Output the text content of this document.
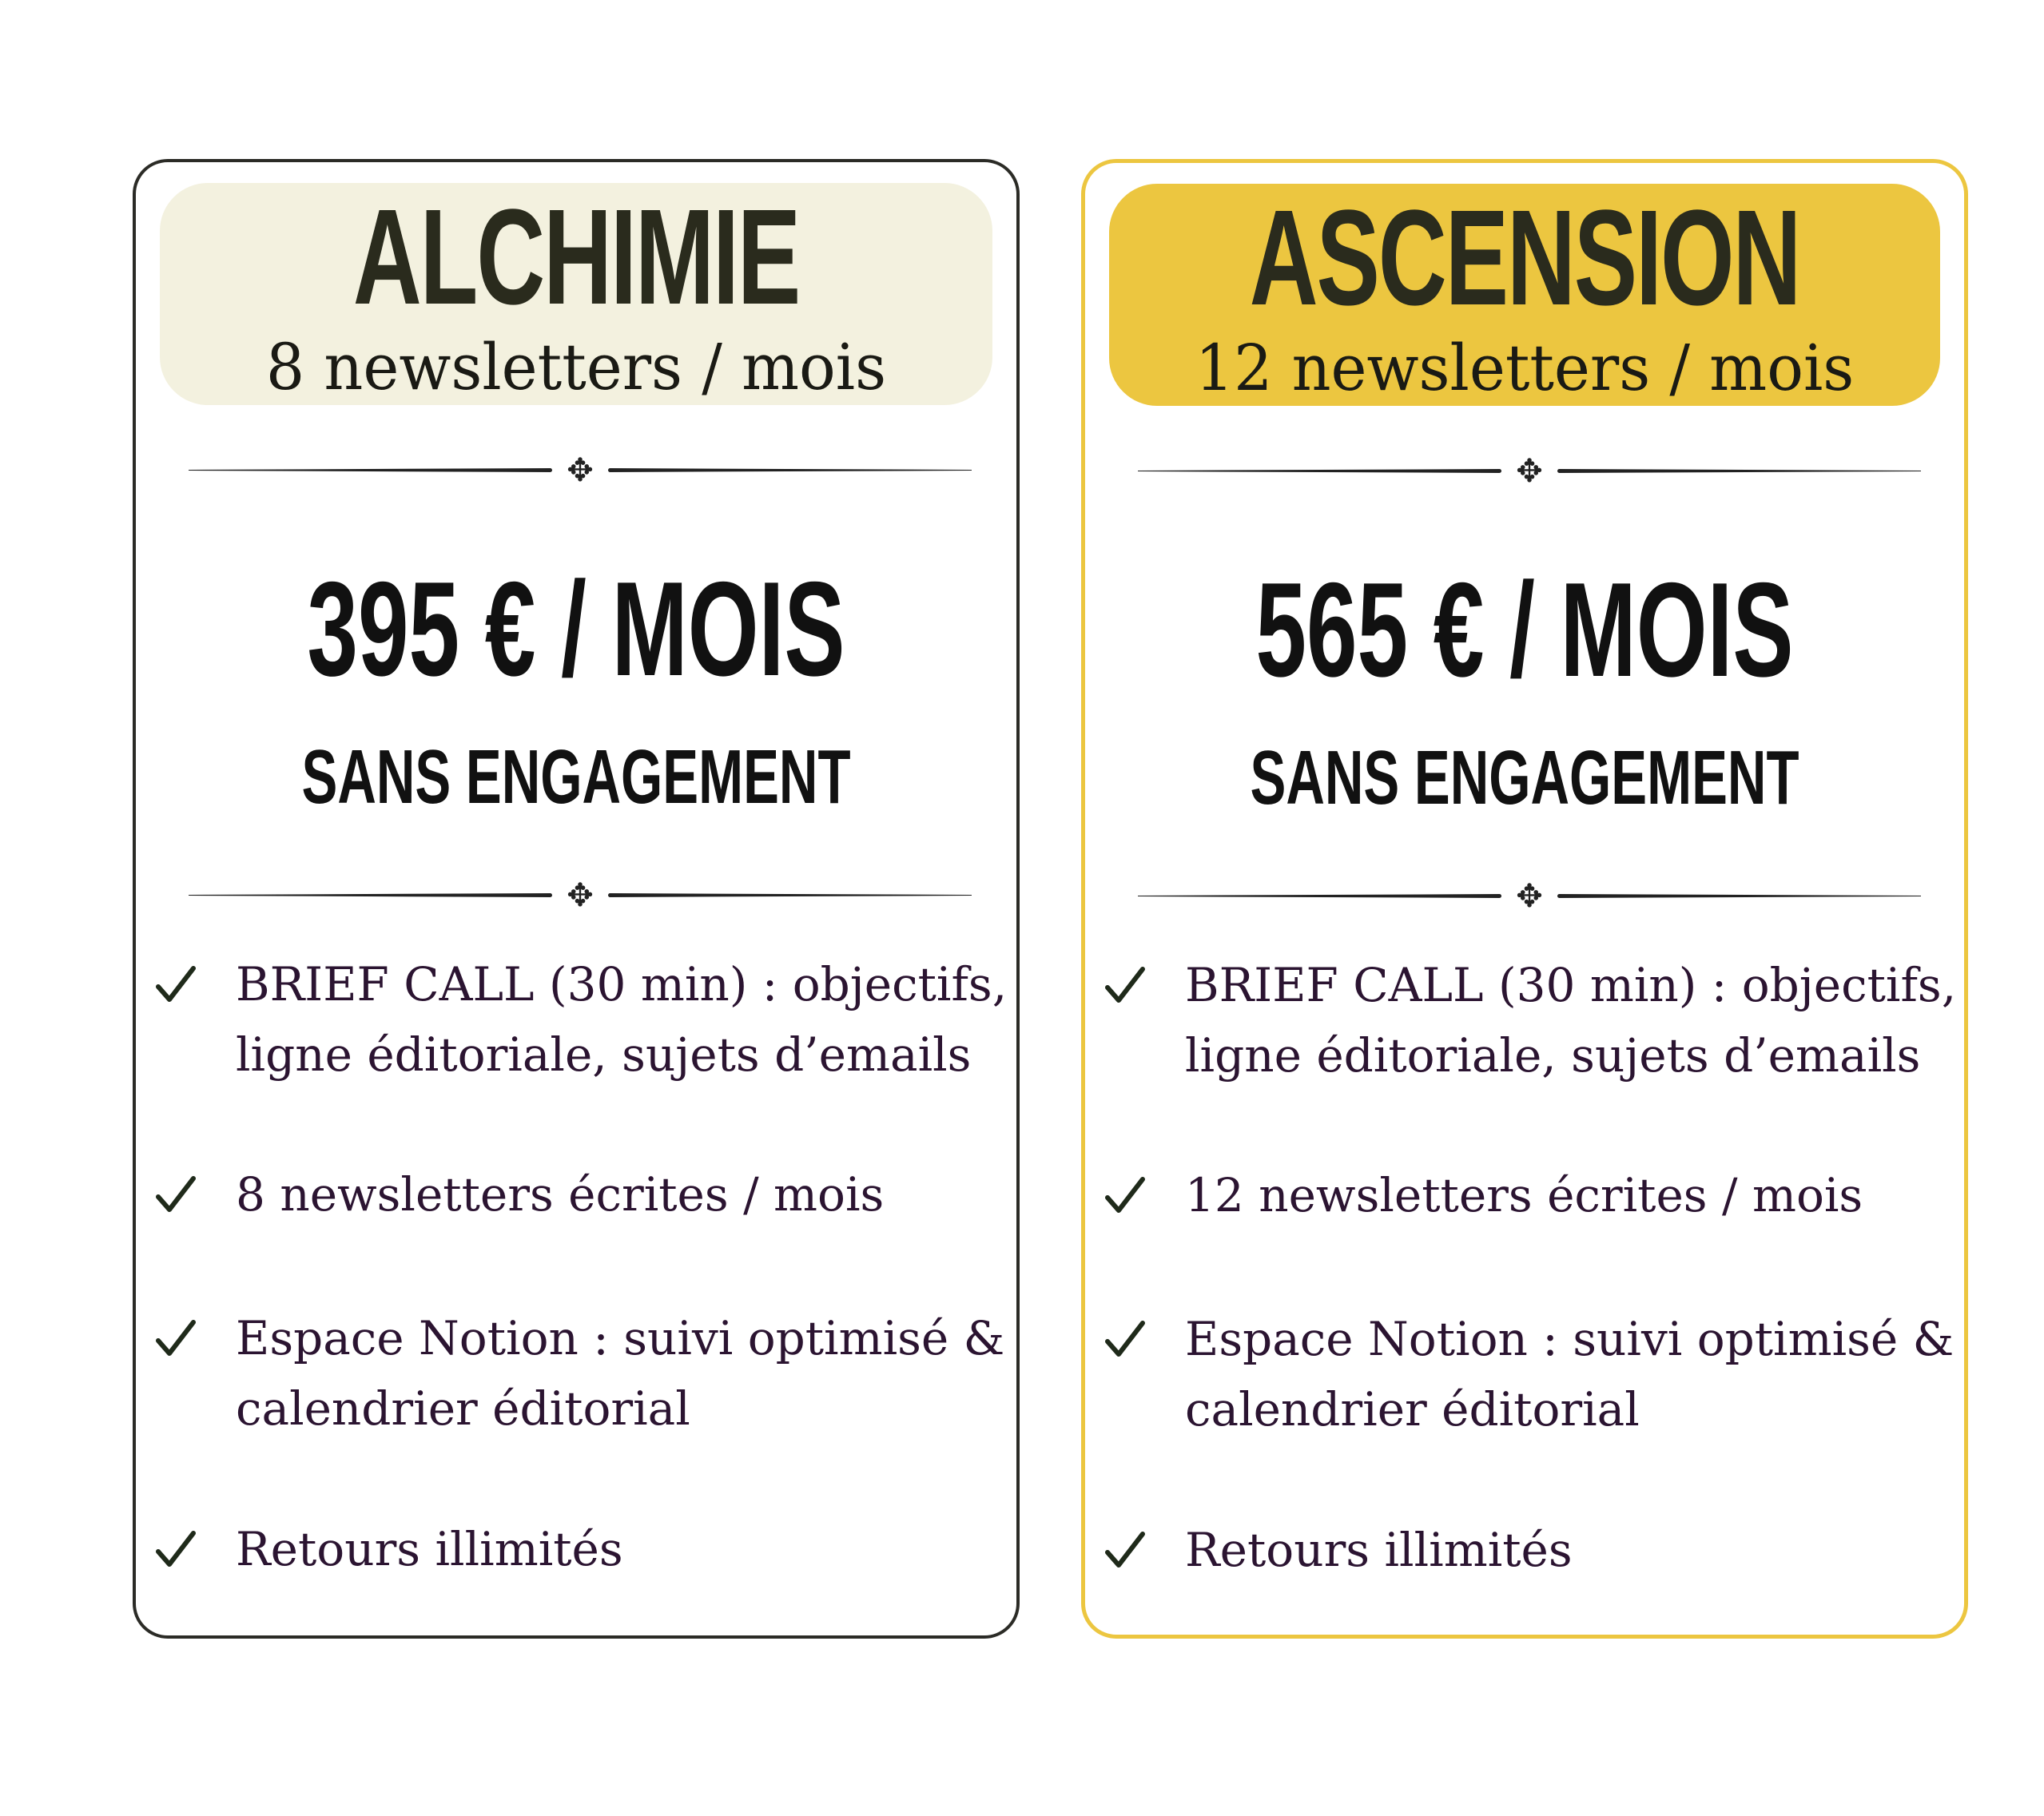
ALCHIMIE
8 newsletters / mois
✥
395 € / MOIS
SANS ENGAGEMENT
✥
BRIEF CALL (30 min) : objectifs,
ligne éditoriale, sujets d’emails
8 newsletters écrites / mois
Espace Notion : suivi optimisé &
calendrier éditorial
Retours illimités
ASCENSION
12 newsletters / mois
✥
565 € / MOIS
SANS ENGAGEMENT
✥
BRIEF CALL (30 min) : objectifs,
ligne éditoriale, sujets d’emails
12 newsletters écrites / mois
Espace Notion : suivi optimisé &
calendrier éditorial
Retours illimités
